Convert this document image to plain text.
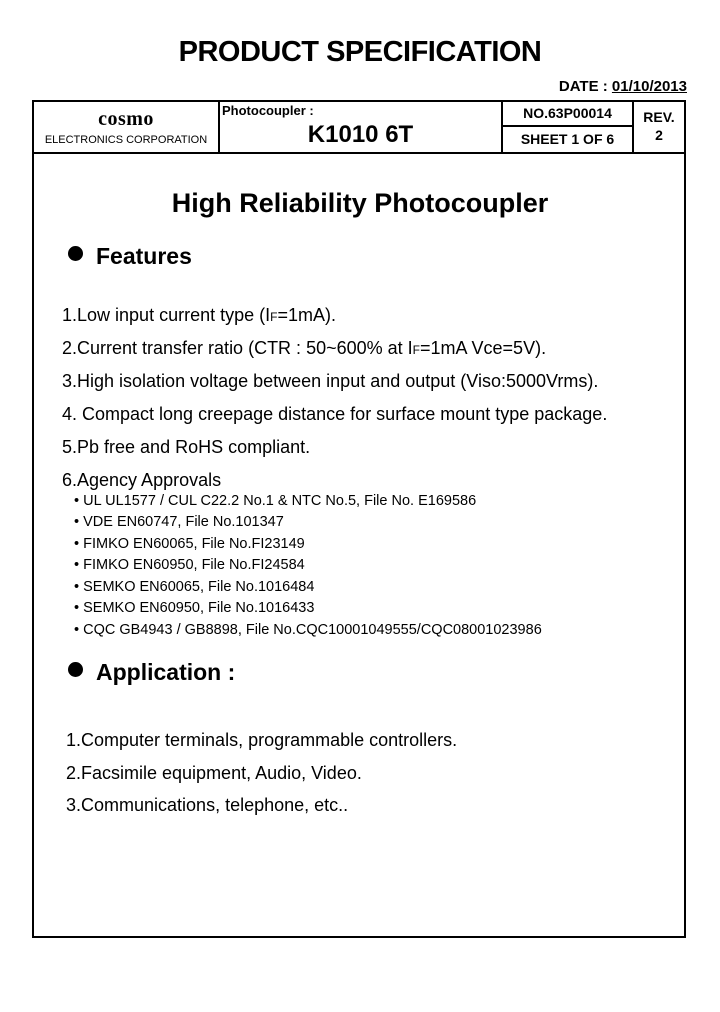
PRODUCT SPECIFICATION
DATE : 01/10/2013
cosmo
ELECTRONICS CORPORATION
Photocoupler :
K1010 6T
NO.63P00014
SHEET 1 OF 6
REV.
2
High Reliability Photocoupler
Features
1.Low input current type (IF=1mA).
2.Current transfer ratio (CTR : 50~600% at IF=1mA Vce=5V).
3.High isolation voltage between input and output (Viso:5000Vrms).
4. Compact long creepage distance for surface mount type package.
5.Pb free and RoHS compliant.
6.Agency Approvals
• UL UL1577 / CUL C22.2 No.1 & NTC No.5, File No. E169586
• VDE EN60747, File No.101347
• FIMKO EN60065, File No.FI23149
• FIMKO EN60950, File No.FI24584
• SEMKO EN60065, File No.1016484
• SEMKO EN60950, File No.1016433
• CQC GB4943 / GB8898, File No.CQC10001049555/CQC08001023986
Application :
1.Computer terminals, programmable controllers.
2.Facsimile equipment, Audio, Video.
3.Communications, telephone, etc..
